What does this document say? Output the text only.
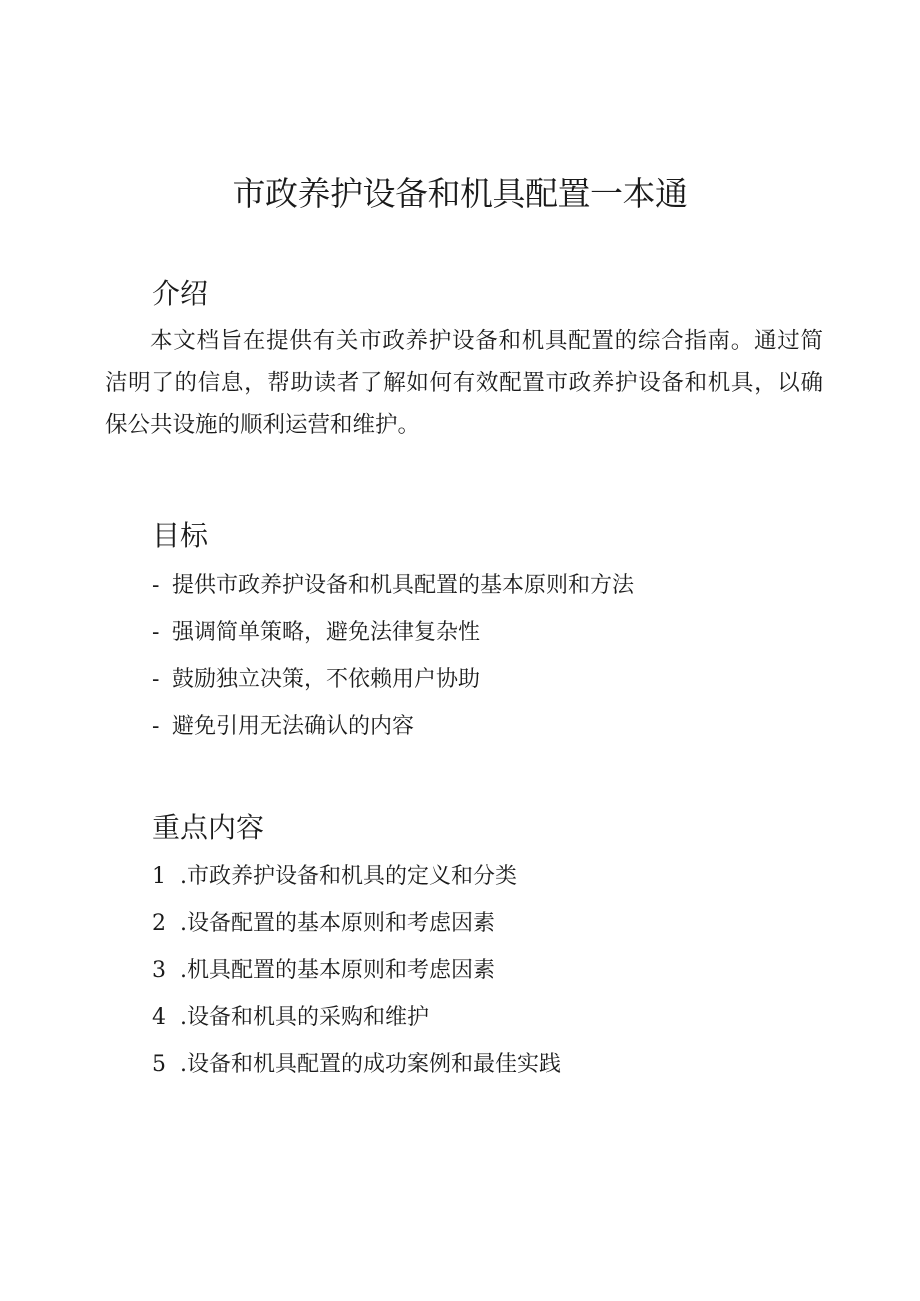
市政养护设备和机具配置一本通
介绍

本文档旨在提供有关市政养护设备和机具配置的综合指南。通过简洁明了的信息，帮助读者了解如何有效配置市政养护设备和机具，以确保公共设施的顺利运营和维护。

目标
- 提供市政养护设备和机具配置的基本原则和方法
- 强调简单策略，避免法律复杂性
- 鼓励独立决策，不依赖用户协助
- 避免引用无法确认的内容
重点内容
1 .市政养护设备和机具的定义和分类
2 .设备配置的基本原则和考虑因素
3 .机具配置的基本原则和考虑因素
4 .设备和机具的采购和维护
5 .设备和机具配置的成功案例和最佳实践
